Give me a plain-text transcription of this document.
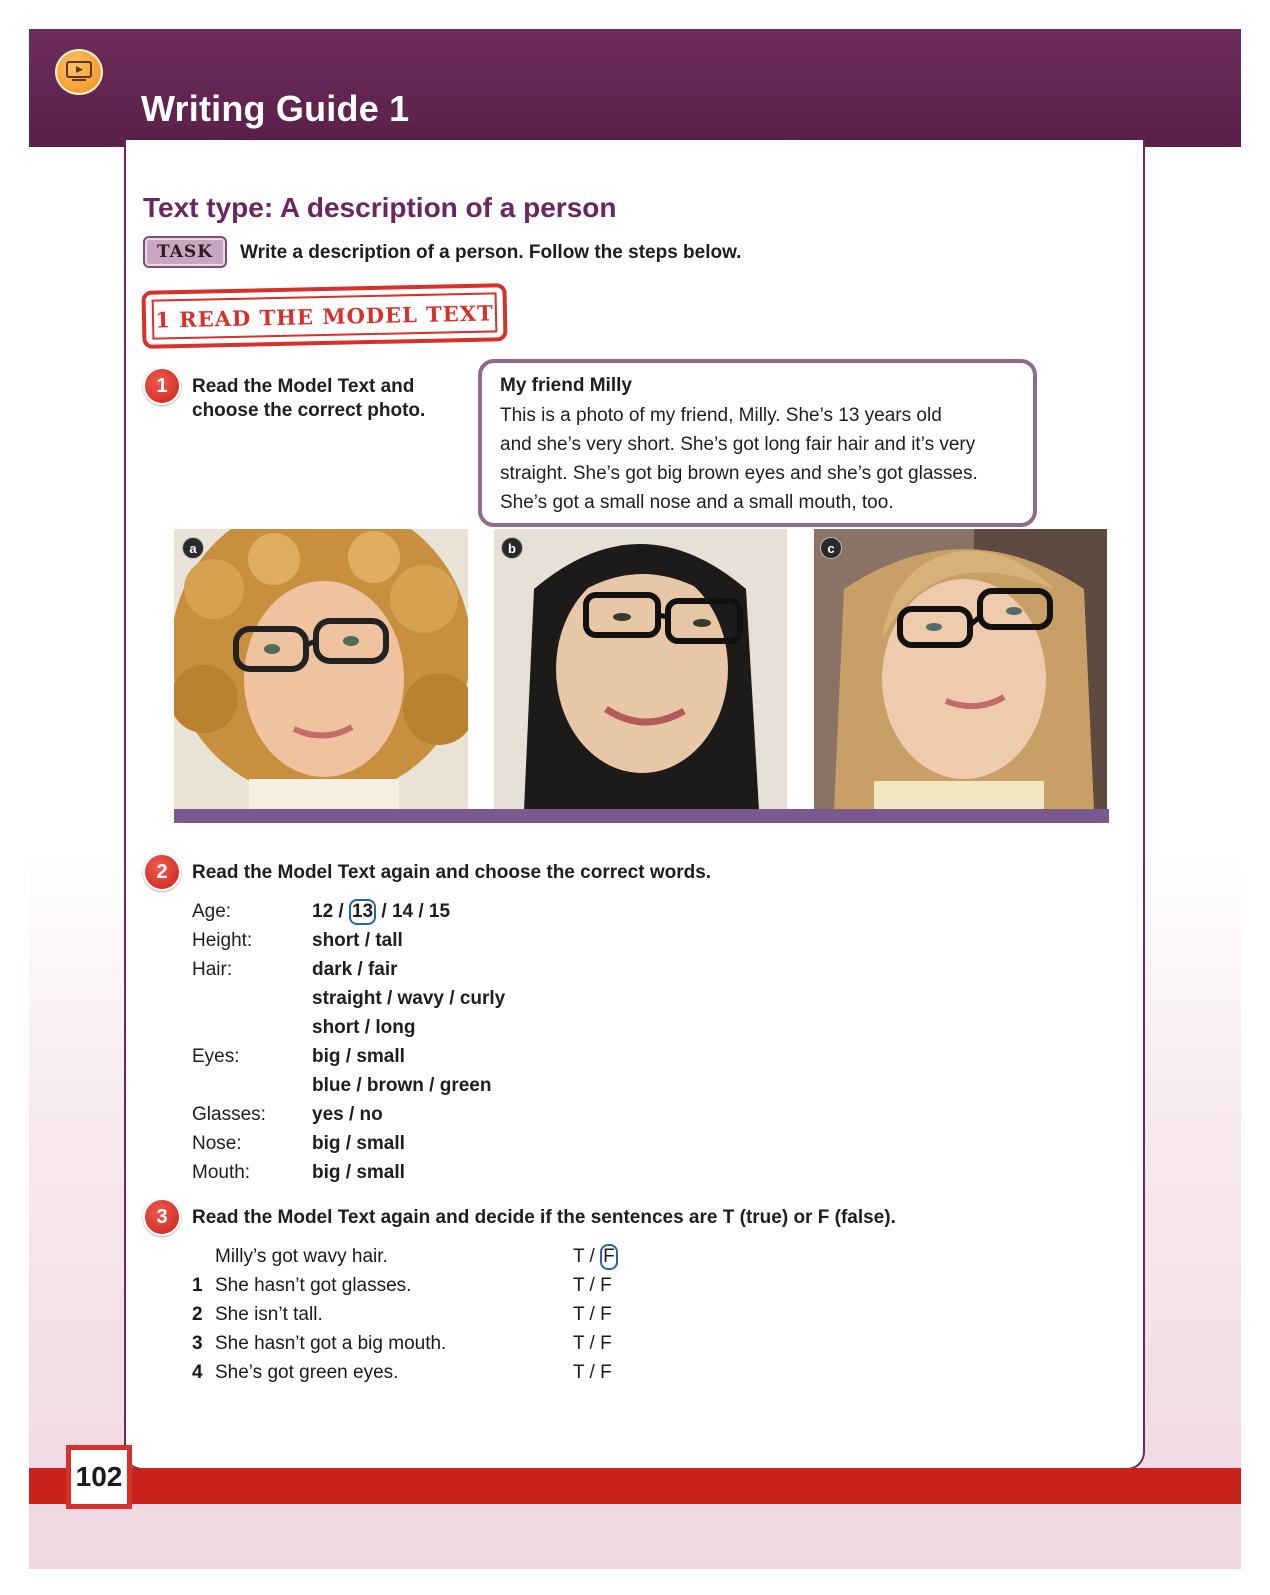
Writing Guide 1
Text type: A description of a person
TASK	Write a description of a person. Follow the steps below.
1 READ THE MODEL TEXT
1	Read the Model Text and
choose the correct photo.
My friend Milly
This is a photo of my friend, Milly. She’s 13 years old
and she’s very short. She’s got long fair hair and it’s very
straight. She’s got big brown eyes and she’s got glasses.
She’s got a small nose and a small mouth, too.
a	b	c
2	Read the Model Text again and choose the correct words.
Age:	12 / 13 / 14 / 15
Height:	short / tall
Hair:	dark / fair
straight / wavy / curly
short / long
Eyes:	big / small
blue / brown / green
Glasses: yes / no
Nose:	big / small
Mouth:	big / small
3	Read the Model Text again and decide if the sentences are T (true) or F (false).
Milly’s got wavy hair.	T / F
1 She hasn’t got glasses.	T / F
2 She isn’t tall.	T / F
3 She hasn’t got a big mouth.	T / F
4 She’s got green eyes.	T / F
102
